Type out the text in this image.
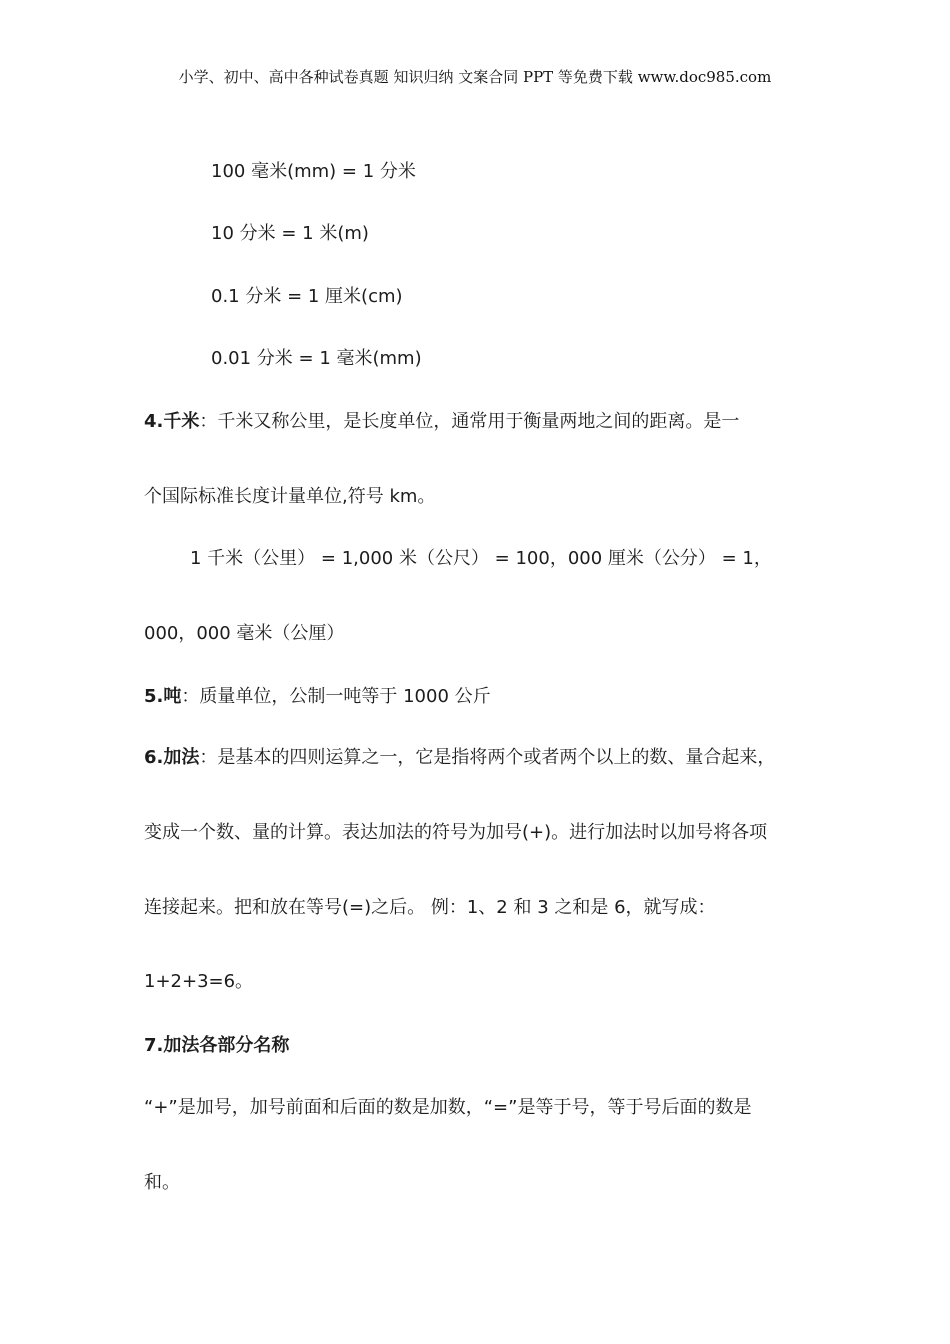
小学、初中、高中各种试卷真题 知识归纳 文案合同 PPT 等免费下载 www.doc985.com
100 毫米(mm) = 1 分米
10 分米 = 1 米(m)
0.1 分米 = 1 厘米(cm)
0.01 分米 = 1 毫米(mm)
4.千米：千米又称公里，是长度单位，通常用于衡量两地之间的距离。是一
个国际标准长度计量单位,符号 km。
1 千米（公里） = 1,000 米（公尺） = 100，000 厘米（公分） = 1，
000，000 毫米（公厘）
5.吨：质量单位，公制一吨等于 1000 公斤
6.加法：是基本的四则运算之一，它是指将两个或者两个以上的数、量合起来，
变成一个数、量的计算。表达加法的符号为加号(+)。进行加法时以加号将各项
连接起来。把和放在等号(=)之后。 例：1、2 和 3 之和是 6，就写成：
1+2+3=6。
7.加法各部分名称
“+”是加号，加号前面和后面的数是加数，“=”是等于号，等于号后面的数是
和。
